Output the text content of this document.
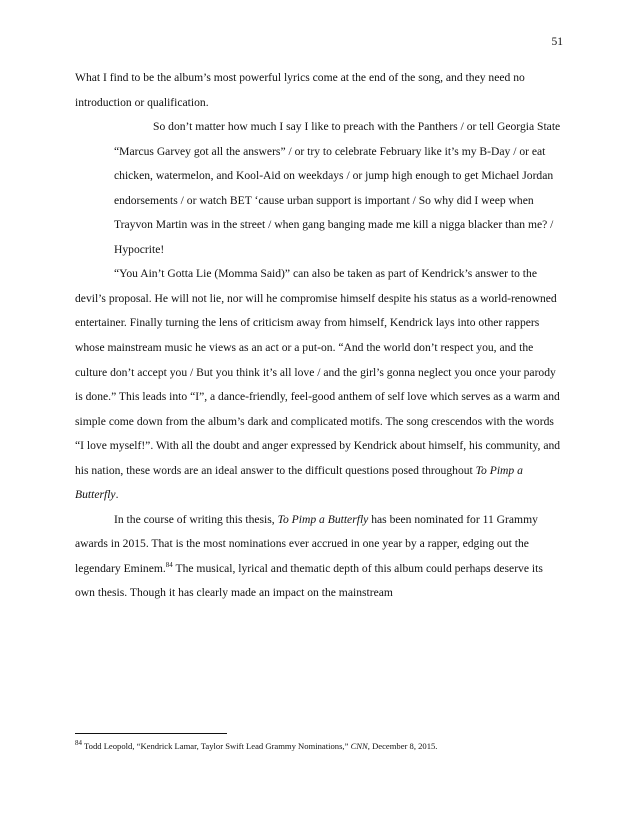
51

What I find to be the album’s most powerful lyrics come at the end of the song, and they need no introduction or qualification.

So don’t matter how much I say I like to preach with the Panthers / or tell Georgia State “Marcus Garvey got all the answers” / or try to celebrate February like it’s my B-Day / or eat chicken, watermelon, and Kool-Aid on weekdays / or jump high enough to get Michael Jordan endorsements / or watch BET ‘cause urban support is important / So why did I weep when Trayvon Martin was in the street / when gang banging made me kill a nigga blacker than me? / Hypocrite!

“You Ain’t Gotta Lie (Momma Said)” can also be taken as part of Kendrick’s answer to the devil’s proposal. He will not lie, nor will he compromise himself despite his status as a world-renowned entertainer. Finally turning the lens of criticism away from himself, Kendrick lays into other rappers whose mainstream music he views as an act or a put-on. “And the world don’t respect you, and the culture don’t accept you / But you think it’s all love / and the girl’s gonna neglect you once your parody is done.” This leads into “I”, a dance-friendly, feel-good anthem of self love which serves as a warm and simple come down from the album’s dark and complicated motifs. The song crescendos with the words “I love myself!”. With all the doubt and anger expressed by Kendrick about himself, his community, and his nation, these words are an ideal answer to the difficult questions posed throughout To Pimp a Butterfly.

In the course of writing this thesis, To Pimp a Butterfly has been nominated for 11 Grammy awards in 2015. That is the most nominations ever accrued in one year by a rapper, edging out the legendary Eminem.$^{84}$ The musical, lyrical and thematic depth of this album could perhaps deserve its own thesis. Though it has clearly made an impact on the mainstream

$^{84}$ Todd Leopold, “Kendrick Lamar, Taylor Swift Lead Grammy Nominations,” CNN, December 8, 2015.
